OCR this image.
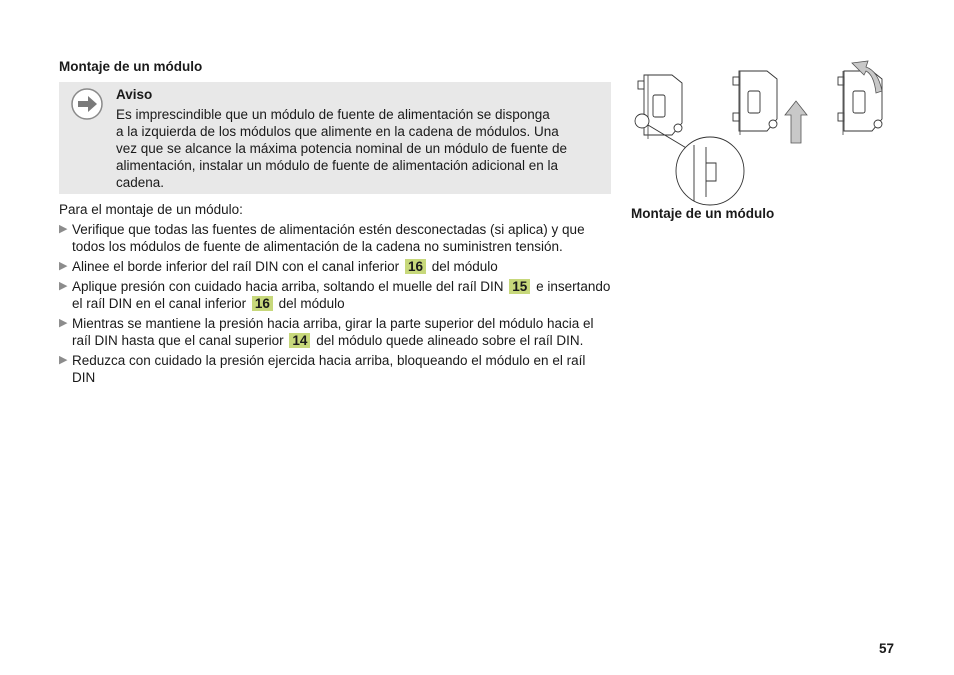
Montaje de un módulo
Aviso
Es imprescindible que un módulo de fuente de alimentación se disponga
a la izquierda de los módulos que alimente en la cadena de módulos. Una
vez que se alcance la máxima potencia nominal de un módulo de fuente de
alimentación, instalar un módulo de fuente de alimentación adicional en la
cadena.
Para el montaje de un módulo:
▶ Verifique que todas las fuentes de alimentación estén desconectadas (si aplica) y que
todos los módulos de fuente de alimentación de la cadena no suministren tensión.
▶ Alinee el borde inferior del raíl DIN con el canal inferior 16 del módulo
▶ Aplique presión con cuidado hacia arriba, soltando el muelle del raíl DIN 15 e insertando
el raíl DIN en el canal inferior 16 del módulo
▶ Mientras se mantiene la presión hacia arriba, girar la parte superior del módulo hacia el
raíl DIN hasta que el canal superior 14 del módulo quede alineado sobre el raíl DIN.
▶ Reduzca con cuidado la presión ejercida hacia arriba, bloqueando el módulo en el raíl
DIN
Montaje de un módulo
57
